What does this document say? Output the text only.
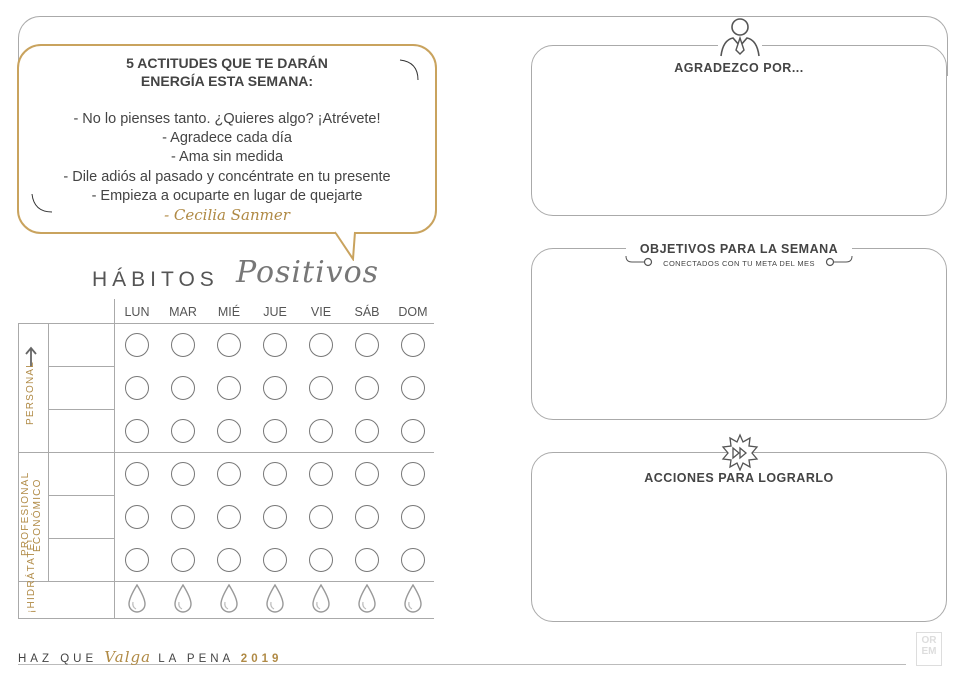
5 ACTITUDES QUE TE DARÁN
ENERGÍA ESTA SEMANA:
- No lo pienses tanto. ¿Quieres algo? ¡Atrévete!
- Agradece cada día
- Ama sin medida
- Dile adiós al pasado y concéntrate en tu presente
- Empieza a ocuparte en lugar de quejarte
- Cecilia Sanmer
HÁBITOS Positivos
LUN	MAR	MIÉ	JUE	VIE	SÁB	DOM
PERSONAL
PROFESIONAL ECONÓMICO
¡HIDRÁTATE!
AGRADEZCO POR...
OBJETIVOS PARA LA SEMANA
CONECTADOS CON TU META DEL MES
ACCIONES PARA LOGRARLO
HAZ QUE Valga LA PENA 2019
OR
EM
